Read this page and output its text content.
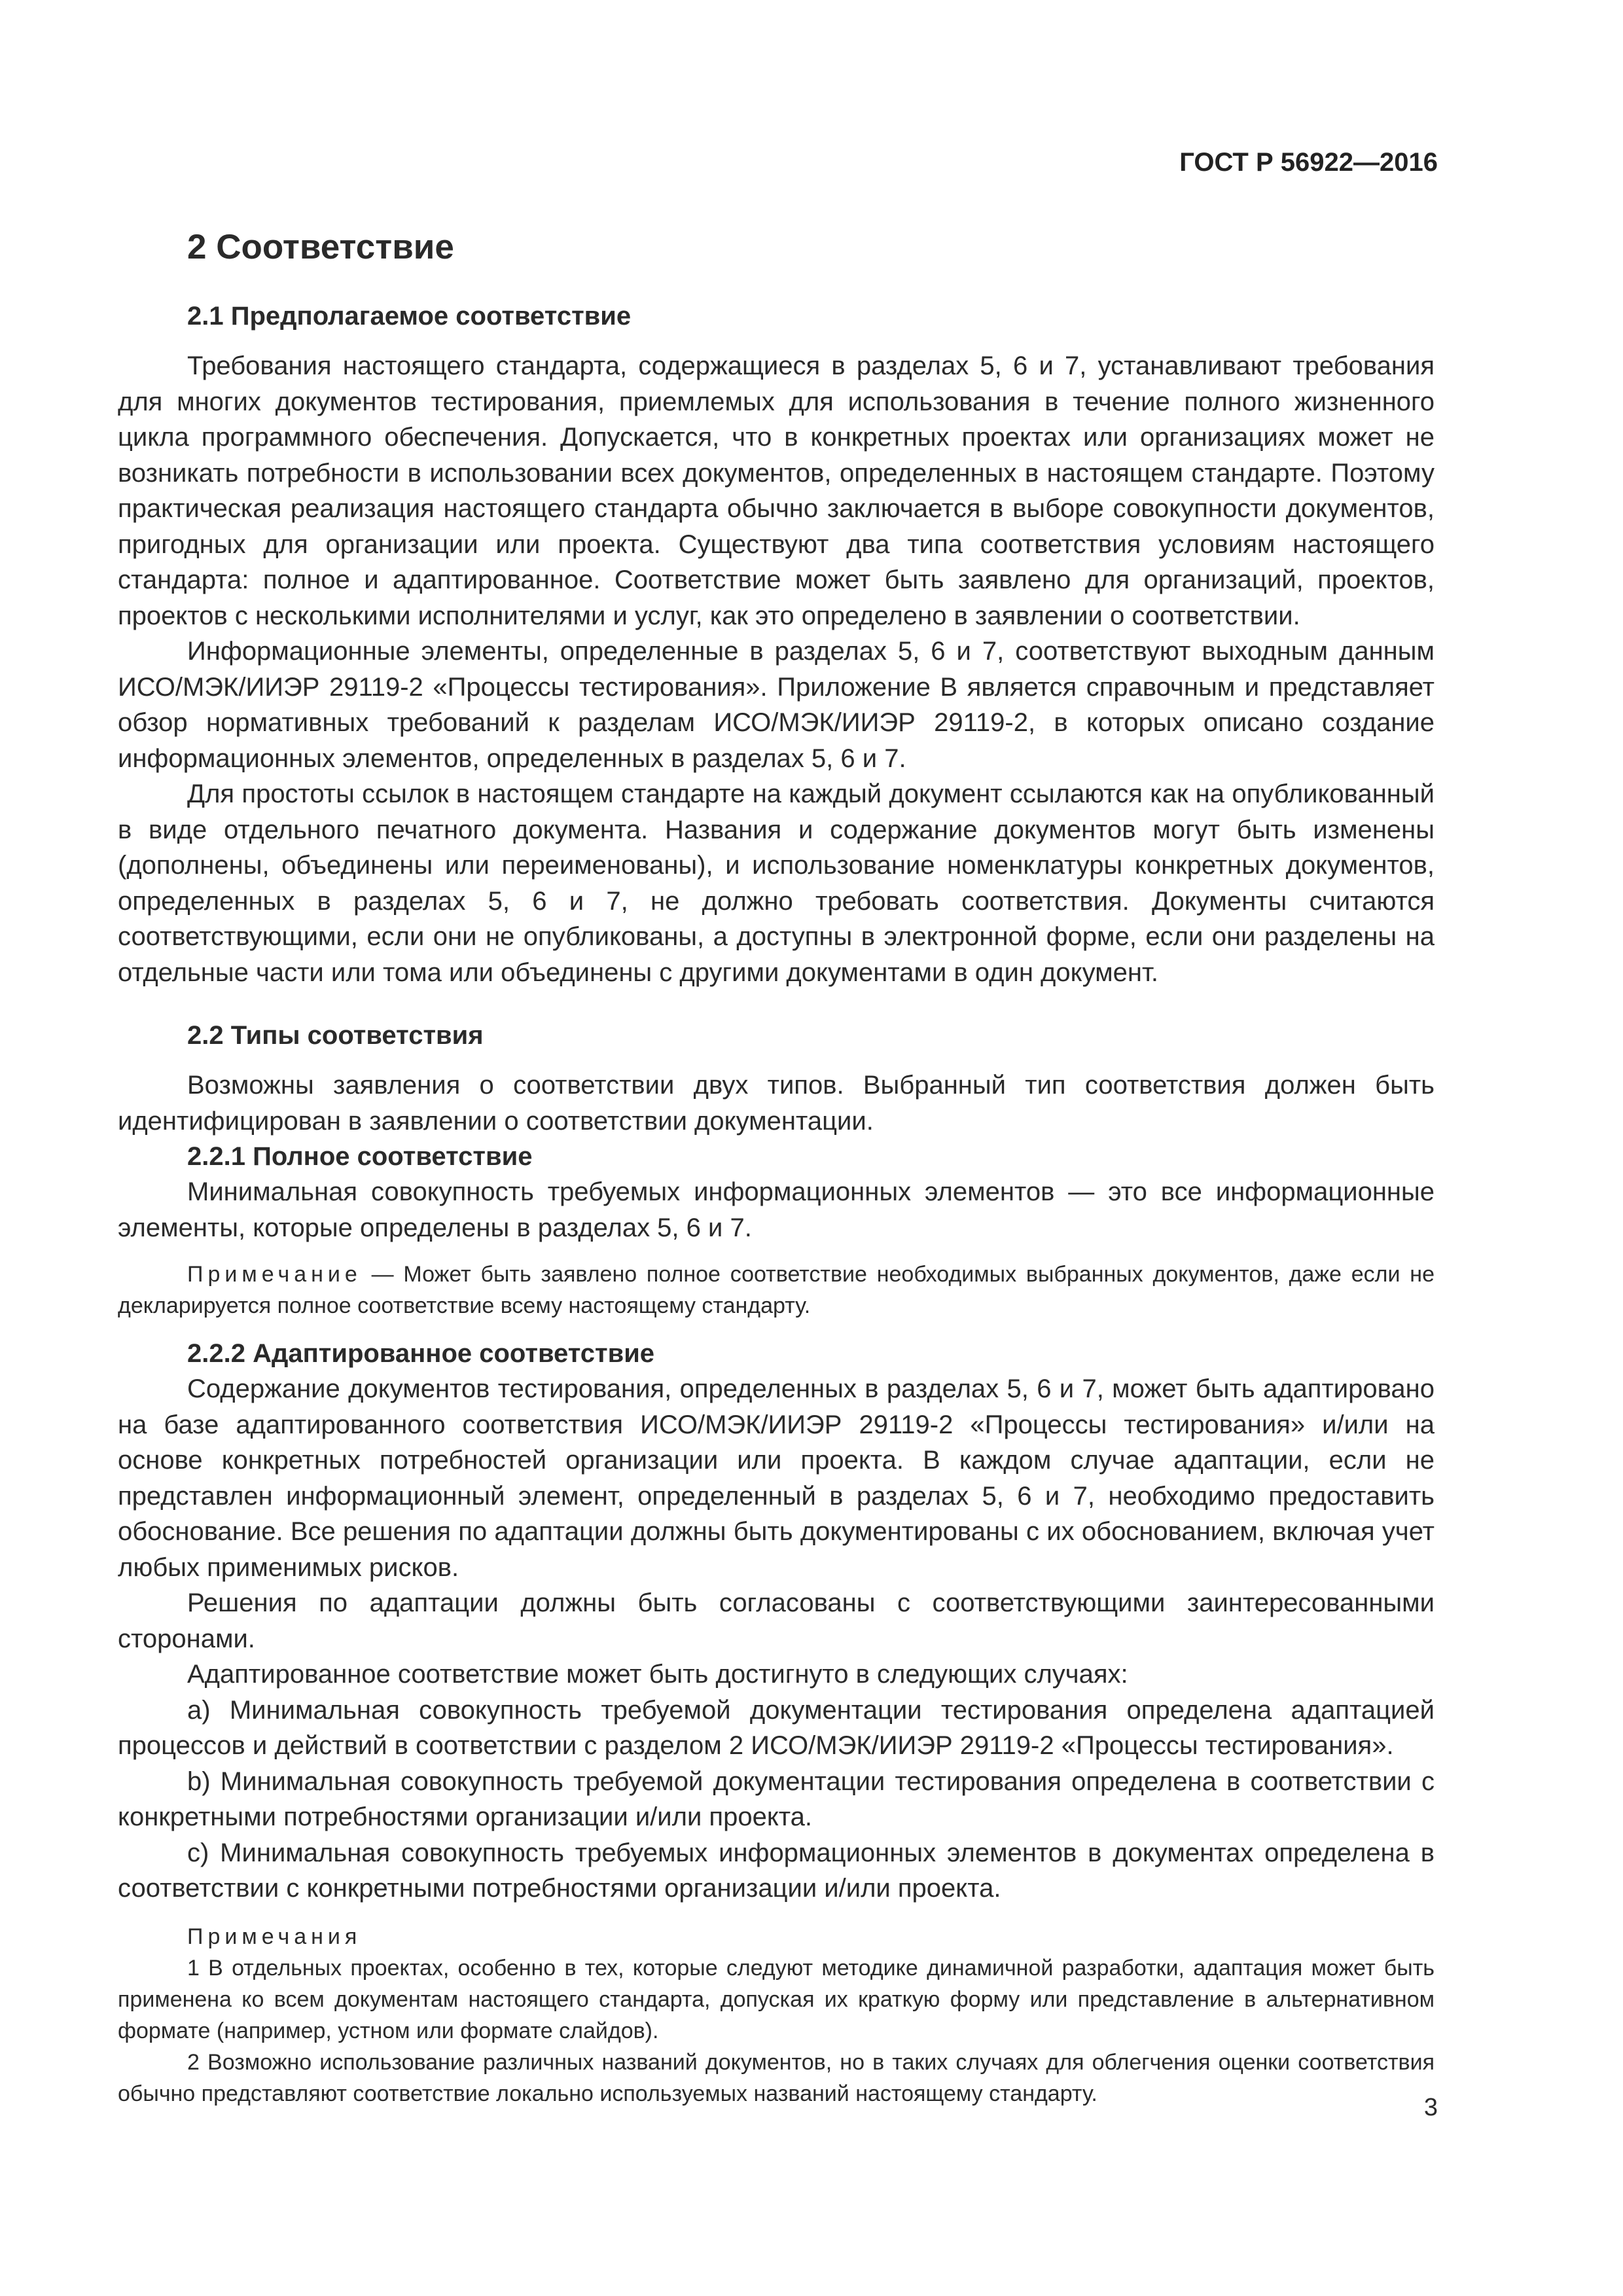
ГОСТ Р 56922—2016
2 Соответствие
2.1 Предполагаемое соответствие

Требования настоящего стандарта, содержащиеся в разделах 5, 6 и 7, устанавливают требования для многих документов тестирования, приемлемых для использования в течение полного жизненного цикла программного обеспечения. Допускается, что в конкретных проектах или организациях может не возникать потребности в использовании всех документов, определенных в настоящем стандарте. Поэтому практическая реализация настоящего стандарта обычно заключается в выборе совокупности документов, пригодных для организации или проекта. Существуют два типа соответствия условиям настоящего стандарта: полное и адаптированное. Соответствие может быть заявлено для организаций, проектов, проектов с несколькими исполнителями и услуг, как это определено в заявлении о соответствии.

Информационные элементы, определенные в разделах 5, 6 и 7, соответствуют выходным данным ИСО/МЭК/ИИЭР 29119-2 «Процессы тестирования». Приложение В является справочным и представляет обзор нормативных требований к разделам ИСО/МЭК/ИИЭР 29119-2, в которых описано создание информационных элементов, определенных в разделах 5, 6 и 7.

Для простоты ссылок в настоящем стандарте на каждый документ ссылаются как на опубликованный в виде отдельного печатного документа. Названия и содержание документов могут быть изменены (дополнены, объединены или переименованы), и использование номенклатуры конкретных документов, определенных в разделах 5, 6 и 7, не должно требовать соответствия. Документы считаются соответствующими, если они не опубликованы, а доступны в электронной форме, если они разделены на отдельные части или тома или объединены с другими документами в один документ.

2.2 Типы соответствия

Возможны заявления о соответствии двух типов. Выбранный тип соответствия должен быть идентифицирован в заявлении о соответствии документации.

2.2.1 Полное соответствие

Минимальная совокупность требуемых информационных элементов — это все информационные элементы, которые определены в разделах 5, 6 и 7.

Примечание — Может быть заявлено полное соответствие необходимых выбранных документов, даже если не декларируется полное соответствие всему настоящему стандарту.

2.2.2 Адаптированное соответствие

Содержание документов тестирования, определенных в разделах 5, 6 и 7, может быть адаптировано на базе адаптированного соответствия ИСО/МЭК/ИИЭР 29119-2 «Процессы тестирования» и/или на основе конкретных потребностей организации или проекта. В каждом случае адаптации, если не представлен информационный элемент, определенный в разделах 5, 6 и 7, необходимо предоставить обоснование. Все решения по адаптации должны быть документированы с их обоснованием, включая учет любых применимых рисков.

Решения по адаптации должны быть согласованы с соответствующими заинтересованными сторонами.

Адаптированное соответствие может быть достигнуто в следующих случаях:

a) Минимальная совокупность требуемой документации тестирования определена адаптацией процессов и действий в соответствии с разделом 2 ИСО/МЭК/ИИЭР 29119-2 «Процессы тестирования».

b) Минимальная совокупность требуемой документации тестирования определена в соответствии с конкретными потребностями организации и/или проекта.

c) Минимальная совокупность требуемых информационных элементов в документах определена в соответствии с конкретными потребностями организации и/или проекта.

Примечания

1 В отдельных проектах, особенно в тех, которые следуют методике динамичной разработки, адаптация может быть применена ко всем документам настоящего стандарта, допуская их краткую форму или представление в альтернативном формате (например, устном или формате слайдов).

2 Возможно использование различных названий документов, но в таких случаях для облегчения оценки соответствия обычно представляют соответствие локально используемых названий настоящему стандарту.

3
